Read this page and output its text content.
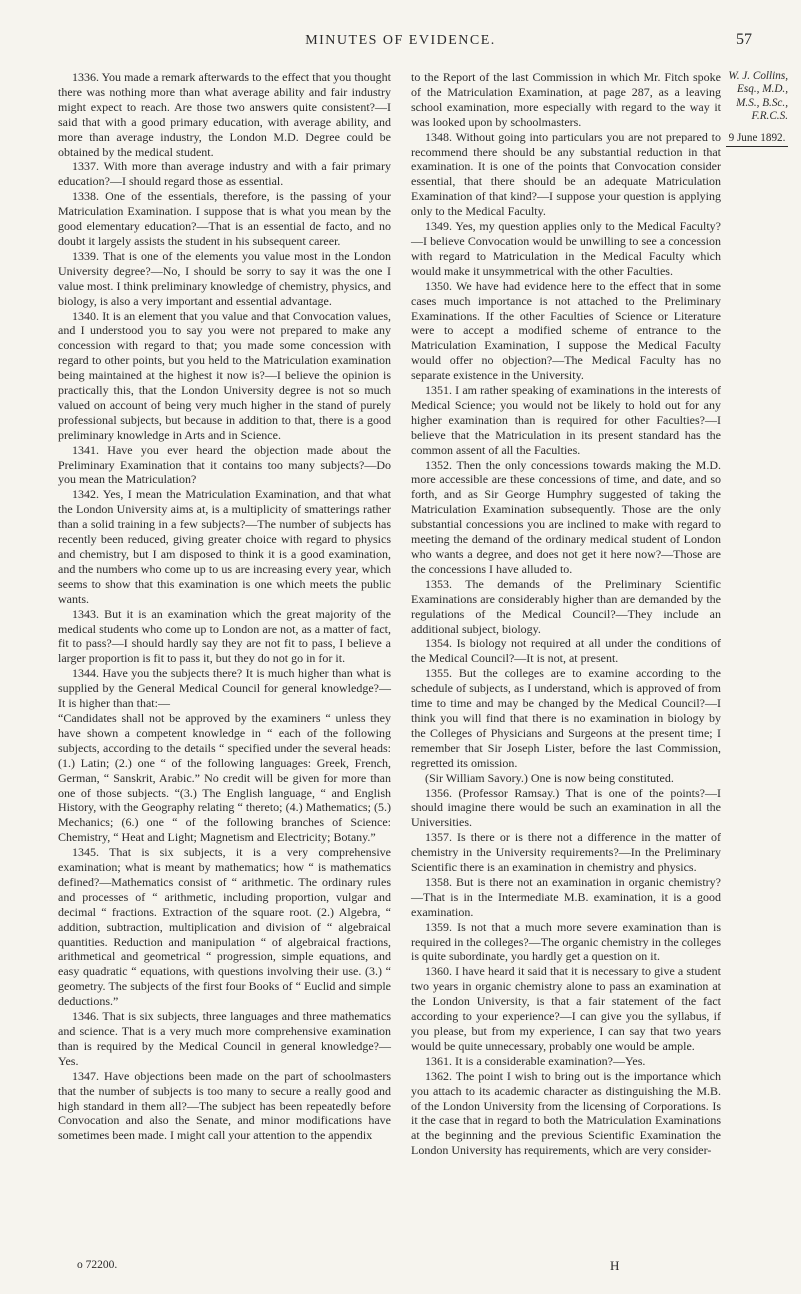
MINUTES OF EVIDENCE.	57

1336. You made a remark afterwards to the effect that you thought there was nothing more than what average ability and fair industry might expect to reach. Are those two answers quite consistent?—I said that with a good primary education, with average ability, and more than average industry, the London M.D. Degree could be obtained by the medical student.

1337. With more than average industry and with a fair primary education?—I should regard those as essential.

1338. One of the essentials, therefore, is the passing of your Matriculation Examination. I suppose that is what you mean by the good elementary education?—That is an essential de facto, and no doubt it largely assists the student in his subsequent career.

1339. That is one of the elements you value most in the London University degree?—No, I should be sorry to say it was the one I value most. I think preliminary knowledge of chemistry, physics, and biology, is also a very important and essential advantage.

1340. It is an element that you value and that Convocation values, and I understood you to say you were not prepared to make any concession with regard to that; you made some concession with regard to other points, but you held to the Matriculation examination being maintained at the highest it now is?—I believe the opinion is practically this, that the London University degree is not so much valued on account of being very much higher in the stand of purely professional subjects, but because in addition to that, there is a good preliminary knowledge in Arts and in Science.

1341. Have you ever heard the objection made about the Preliminary Examination that it contains too many subjects?—Do you mean the Matriculation?

1342. Yes, I mean the Matriculation Examination, and that what the London University aims at, is a multiplicity of smatterings rather than a solid training in a few subjects?—The number of subjects has recently been reduced, giving greater choice with regard to physics and chemistry, but I am disposed to think it is a good examination, and the numbers who come up to us are increasing every year, which seems to show that this examination is one which meets the public wants.

1343. But it is an examination which the great majority of the medical students who come up to London are not, as a matter of fact, fit to pass?—I should hardly say they are not fit to pass, I believe a larger proportion is fit to pass it, but they do not go in for it.

1344. Have you the subjects there? It is much higher than what is supplied by the General Medical Council for general knowledge?—It is higher than that:—

“Candidates shall not be approved by the examiners “ unless they have shown a competent knowledge in “ each of the following subjects, according to the details “ specified under the several heads: (1.) Latin; (2.) one “ of the following languages: Greek, French, German, “ Sanskrit, Arabic.” No credit will be given for more than one of those subjects. “(3.) The English language, “ and English History, with the Geography relating “ thereto; (4.) Mathematics; (5.) Mechanics; (6.) one “ of the following branches of Science: Chemistry, “ Heat and Light; Magnetism and Electricity; Botany.”

1345. That is six subjects, it is a very comprehensive examination; what is meant by mathematics; how “ is mathematics defined?—Mathematics consist of “ arithmetic. The ordinary rules and processes of “ arithmetic, including proportion, vulgar and decimal “ fractions. Extraction of the square root. (2.) Algebra, “ addition, subtraction, multiplication and division of “ algebraical quantities. Reduction and manipulation “ of algebraical fractions, arithmetical and geometrical “ progression, simple equations, and easy quadratic “ equations, with questions involving their use. (3.) “ geometry. The subjects of the first four Books of “ Euclid and simple deductions.”

1346. That is six subjects, three languages and three mathematics and science. That is a very much more comprehensive examination than is required by the Medical Council in general knowledge?—Yes.

1347. Have objections been made on the part of schoolmasters that the number of subjects is too many to secure a really good and high standard in them all?—The subject has been repeatedly before Convocation and also the Senate, and minor modifications have sometimes been made. I might call your attention to the appendix

to the Report of the last Commission in which Mr. Fitch spoke of the Matriculation Examination, at page 287, as a leaving school examination, more especially with regard to the way it was looked upon by schoolmasters.

1348. Without going into particulars you are not prepared to recommend there should be any substantial reduction in that examination. It is one of the points that Convocation consider essential, that there should be an adequate Matriculation Examination of that kind?—I suppose your question is applying only to the Medical Faculty.

1349. Yes, my question applies only to the Medical Faculty?—I believe Convocation would be unwilling to see a concession with regard to Matriculation in the Medical Faculty which would make it unsymmetrical with the other Faculties.

1350. We have had evidence here to the effect that in some cases much importance is not attached to the Preliminary Examinations. If the other Faculties of Science or Literature were to accept a modified scheme of entrance to the Matriculation Examination, I suppose the Medical Faculty would offer no objection?—The Medical Faculty has no separate existence in the University.

1351. I am rather speaking of examinations in the interests of Medical Science; you would not be likely to hold out for any higher examination than is required for other Faculties?—I believe that the Matriculation in its present standard has the common assent of all the Faculties.

1352. Then the only concessions towards making the M.D. more accessible are these concessions of time, and date, and so forth, and as Sir George Humphry suggested of taking the Matriculation Examination subsequently. Those are the only substantial concessions you are inclined to make with regard to meeting the demand of the ordinary medical student of London who wants a degree, and does not get it here now?—Those are the concessions I have alluded to.

1353. The demands of the Preliminary Scientific Examinations are considerably higher than are demanded by the regulations of the Medical Council?—They include an additional subject, biology.

1354. Is biology not required at all under the conditions of the Medical Council?—It is not, at present.

1355. But the colleges are to examine according to the schedule of subjects, as I understand, which is approved of from time to time and may be changed by the Medical Council?—I think you will find that there is no examination in biology by the Colleges of Physicians and Surgeons at the present time; I remember that Sir Joseph Lister, before the last Commission, regretted its omission.

(Sir William Savory.) One is now being constituted.

1356. (Professor Ramsay.) That is one of the points?—I should imagine there would be such an examination in all the Universities.

1357. Is there or is there not a difference in the matter of chemistry in the University requirements?—In the Preliminary Scientific there is an examination in chemistry and physics.

1358. But is there not an examination in organic chemistry?—That is in the Intermediate M.B. examination, it is a good examination.

1359. Is not that a much more severe examination than is required in the colleges?—The organic chemistry in the colleges is quite subordinate, you hardly get a question on it.

1360. I have heard it said that it is necessary to give a student two years in organic chemistry alone to pass an examination at the London University, is that a fair statement of the fact according to your experience?—I can give you the syllabus, if you please, but from my experience, I can say that two years would be quite unnecessary, probably one would be ample.

1361. It is a considerable examination?—Yes.

1362. The point I wish to bring out is the importance which you attach to its academic character as distinguishing the M.B. of the London University from the licensing of Corporations. Is it the case that in regard to both the Matriculation Examinations at the beginning and the previous Scientific Examination the London University has requirements, which are very consider-

W. J. Collins, Esq., M.D., M.S., B.Sc., F.R.C.S.
9 June 1892.
o 72200.	H
